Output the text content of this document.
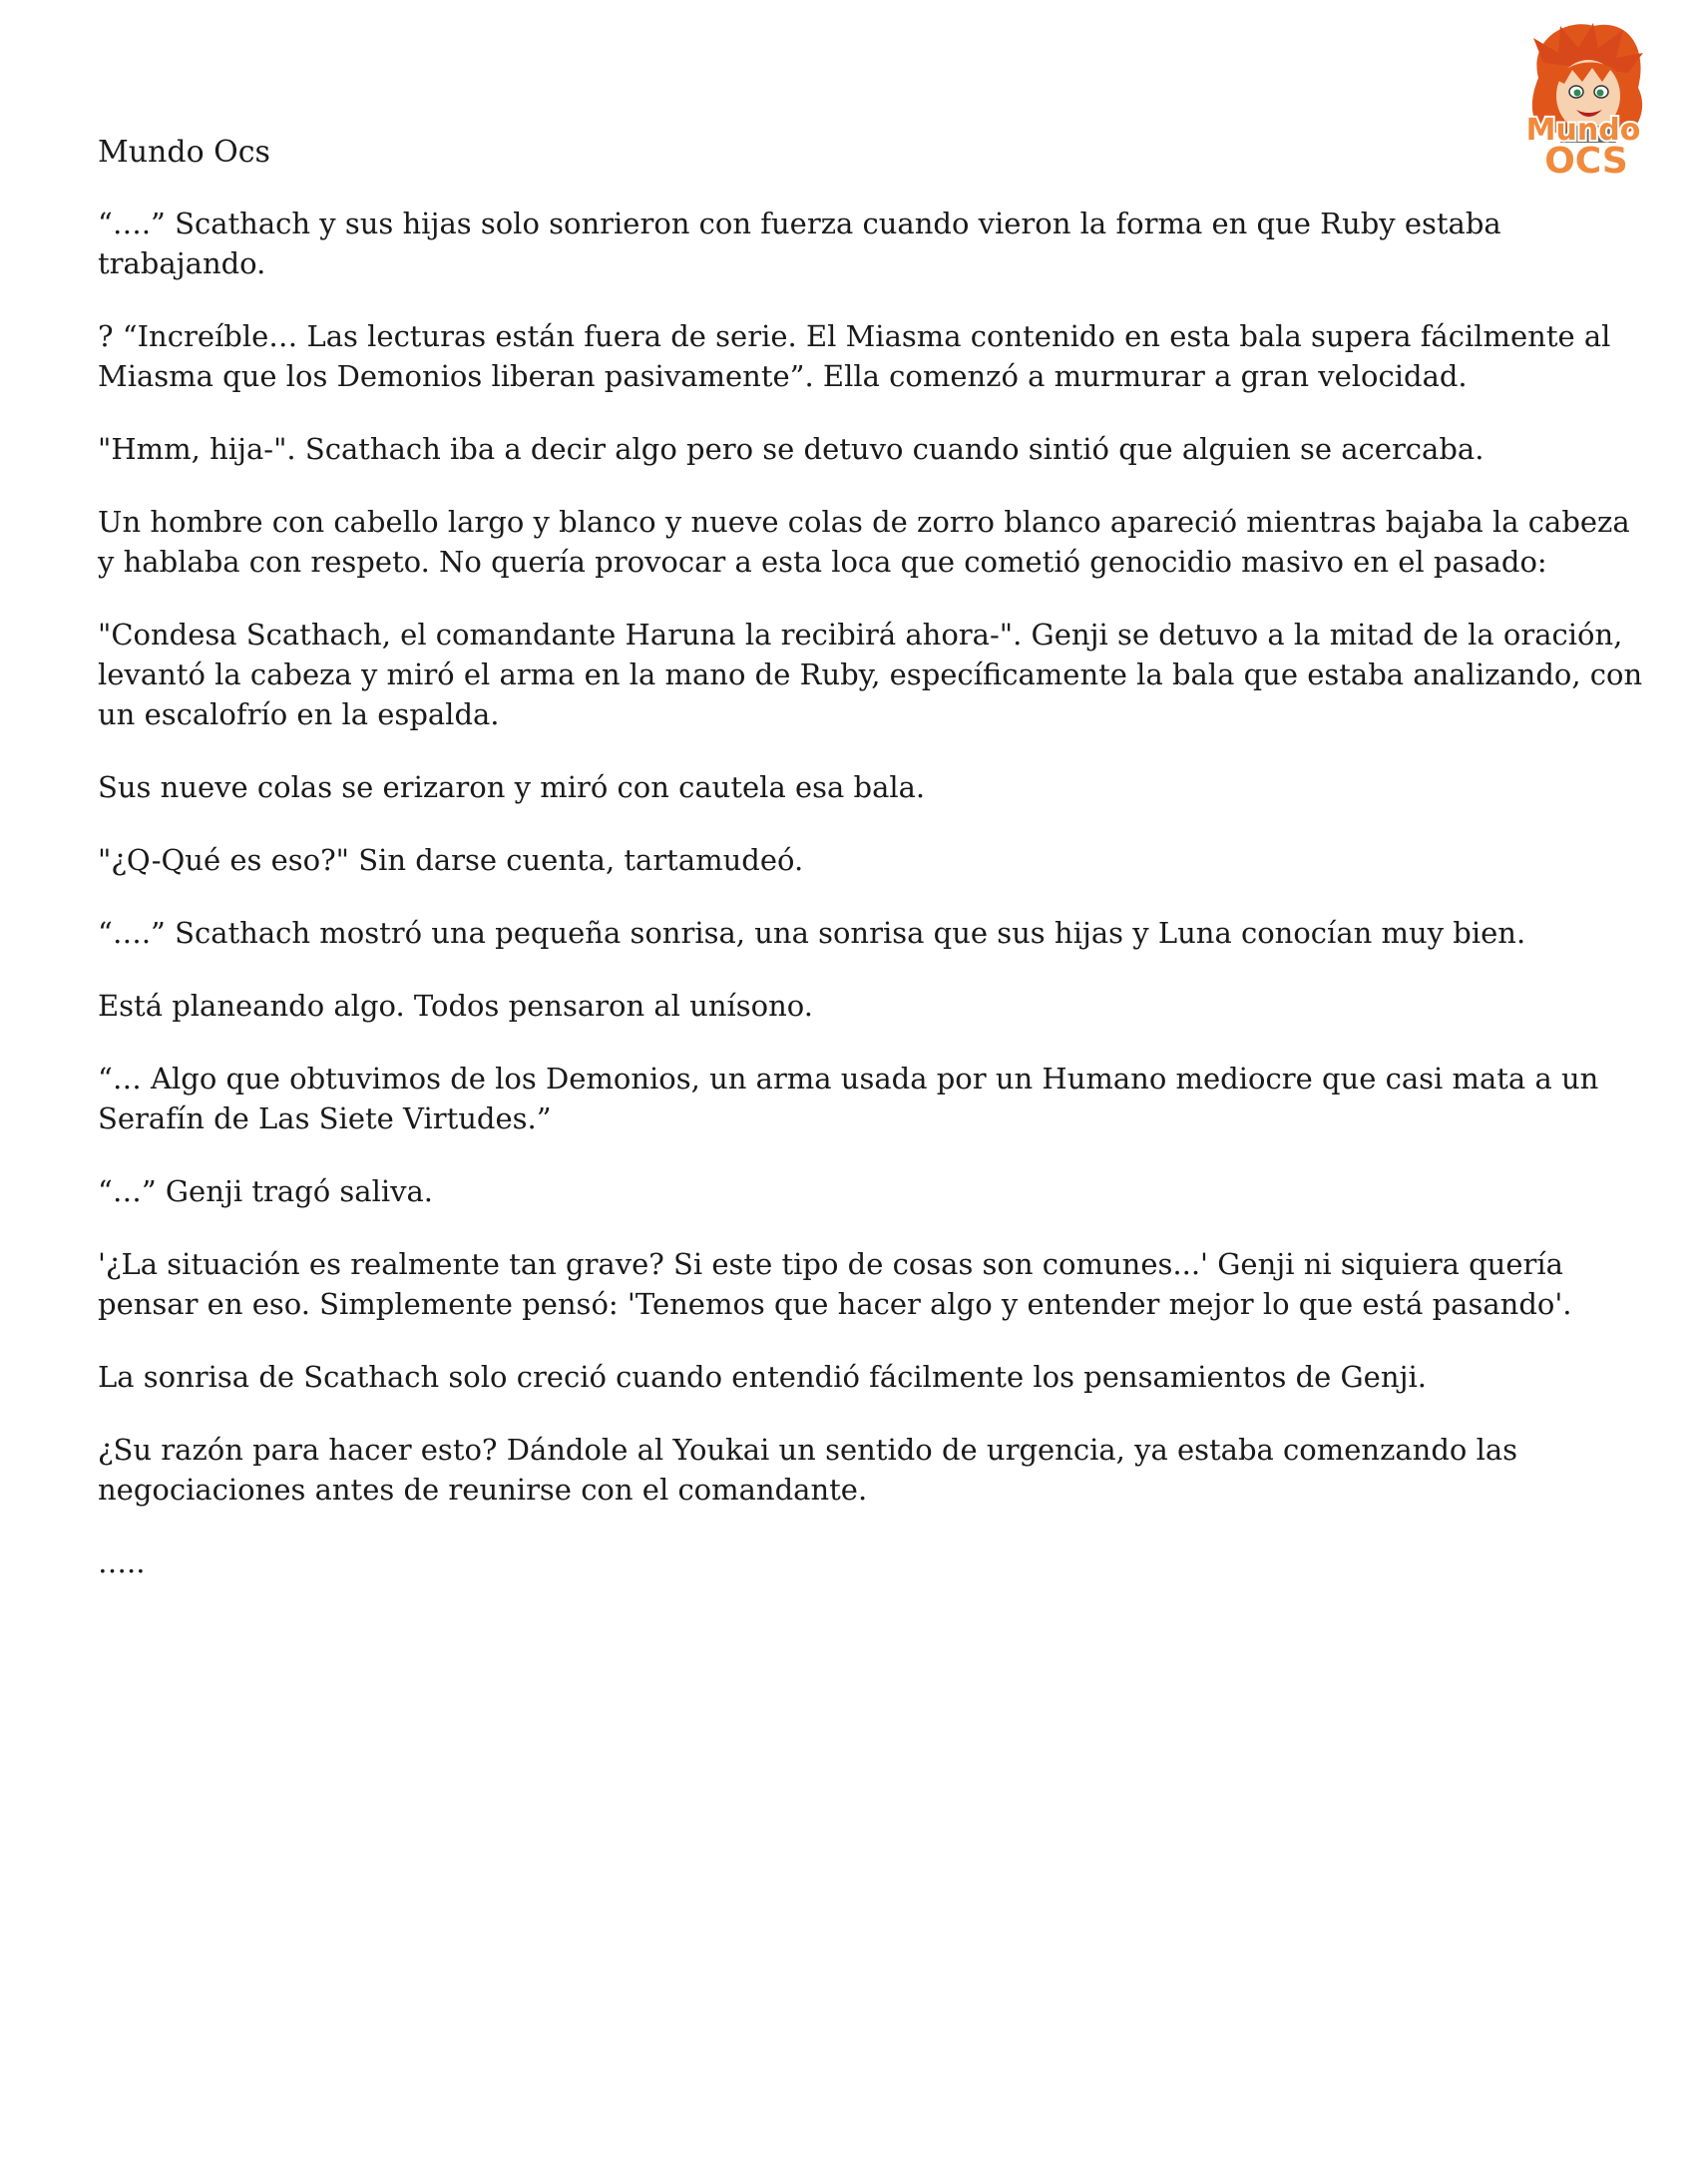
Mundo Ocs
Mundo
OCS

“….” Scathach y sus hijas solo sonrieron con fuerza cuando vieron la forma en que Ruby estaba trabajando.

? “Increíble… Las lecturas están fuera de serie. El Miasma contenido en esta bala supera fácilmente al Miasma que los Demonios liberan pasivamente”. Ella comenzó a murmurar a gran velocidad.

"Hmm, hija-". Scathach iba a decir algo pero se detuvo cuando sintió que alguien se acercaba.

Un hombre con cabello largo y blanco y nueve colas de zorro blanco apareció mientras bajaba la cabeza y hablaba con respeto. No quería provocar a esta loca que cometió genocidio masivo en el pasado:

"Condesa Scathach, el comandante Haruna la recibirá ahora-". Genji se detuvo a la mitad de la oración, levantó la cabeza y miró el arma en la mano de Ruby, específicamente la bala que estaba analizando, con un escalofrío en la espalda.

Sus nueve colas se erizaron y miró con cautela esa bala.

"¿Q-Qué es eso?" Sin darse cuenta, tartamudeó.

“….” Scathach mostró una pequeña sonrisa, una sonrisa que sus hijas y Luna conocían muy bien.

Está planeando algo. Todos pensaron al unísono.

“… Algo que obtuvimos de los Demonios, un arma usada por un Humano mediocre que casi mata a un Serafín de Las Siete Virtudes.”

“…” Genji tragó saliva.

'¿La situación es realmente tan grave? Si este tipo de cosas son comunes...' Genji ni siquiera quería pensar en eso. Simplemente pensó: 'Tenemos que hacer algo y entender mejor lo que está pasando'.

La sonrisa de Scathach solo creció cuando entendió fácilmente los pensamientos de Genji.

¿Su razón para hacer esto? Dándole al Youkai un sentido de urgencia, ya estaba comenzando las negociaciones antes de reunirse con el comandante.

…..
